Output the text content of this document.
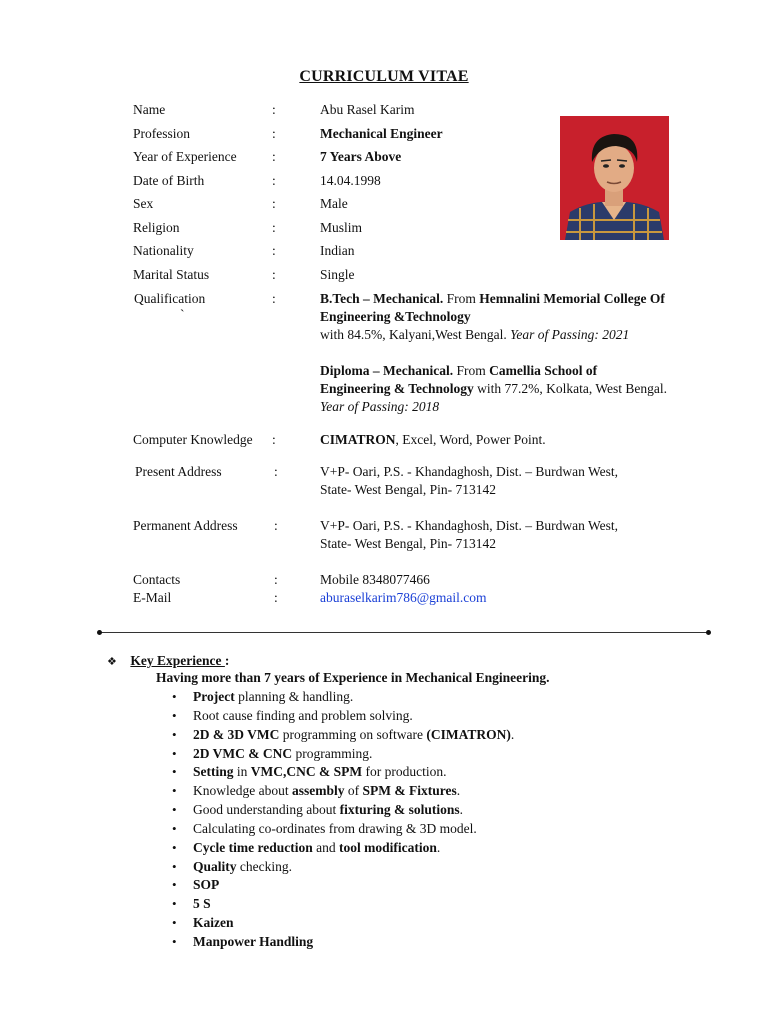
CURRICULUM VITAE
Name	:	Abu Rasel Karim
Profession	:	Mechanical Engineer
Year of Experience	:	7 Years Above
Date of Birth	:	14.04.1998
Sex	:	Male
Religion	:	Muslim
Nationality	:	Indian
Marital Status	:	Single
Qualification	:
`
B.Tech – Mechanical. From Hemnalini Memorial College Of Engineering &Technology
with 84.5%, Kalyani,West Bengal. Year of Passing: 2021
Diploma – Mechanical. From Camellia School of Engineering & Technology with 77.2%, Kolkata, West Bengal. Year of Passing: 2018
Computer Knowledge :	CIMATRON, Excel, Word, Power Point.
Present Address	:	V+P- Oari, P.S. - Khandaghosh, Dist. – Burdwan West,
State- West Bengal, Pin- 713142
Permanent Address	:	V+P- Oari, P.S. - Khandaghosh, Dist. – Burdwan West,
State- West Bengal, Pin- 713142
Contacts	:	Mobile 8348077466
E-Mail	:	aburaselkarim786@gmail.com
❖ Key Experience :
Having more than 7 years of Experience in Mechanical Engineering.
• Project planning & handling.
• Root cause finding and problem solving.
• 2D & 3D VMC programming on software (CIMATRON).
• 2D VMC & CNC programming.
• Setting in VMC,CNC & SPM for production.
• Knowledge about assembly of SPM & Fixtures.
• Good understanding about fixturing & solutions.
• Calculating co-ordinates from drawing & 3D model.
• Cycle time reduction and tool modification.
• Quality checking.
• SOP
• 5 S
• Kaizen
• Manpower Handling
